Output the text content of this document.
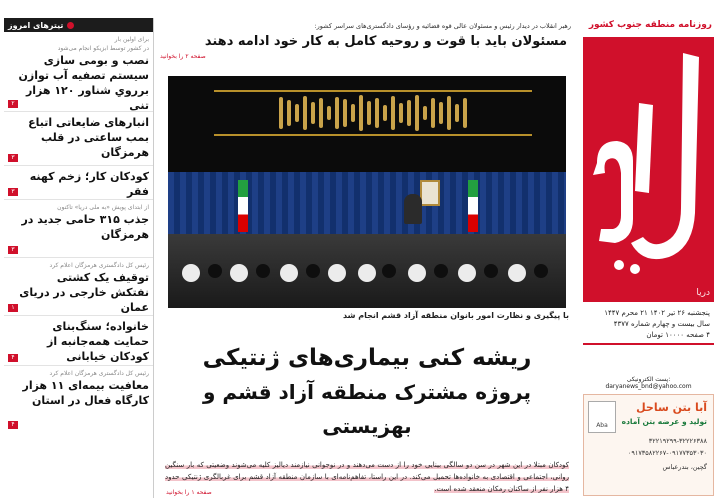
تیترهای امروز
برای اولین بار
در کشور توسط ابزیکو انجام می‌شود
نصب و بومی سازی سیستم تصفیه آب توازن بررویِ شناور ۱۲۰ هزار تنی
۲
انبارهای ضایعاتی اتباع بمب ساعتی در قلب هرمزگان
۳
کودکان کار؛ زخم کهنه فقر
۳
از ابتدای پویش «به ملی دریا» تاکنون
جذب ۳۱۵ حامی جدید در هرمزگان
۳
رئیس کل دادگستری هرمزگان اعلام کرد
توقیف یک کشتی نفتکش خارجی در دریای عمان
۱
خانواده؛ سنگ‌بنای حمایت همه‌جانبه از کودکان خیابانی
۴
رئیس کل دادگستری هرمزگان اعلام کرد
معافیت بیمه‌ای ۱۱ هزار کارگاه فعال در استان
۴
رهبر انقلاب در دیدار رئیس و مسئولان عالی قوه قضائیه و رؤسای دادگستری‌های سراسر کشور:
مسئولان باید با قوت و روحیه کامل به کار خود ادامه دهند
صفحه ۲ را بخوانید
با پیگیری و نظارت امور بانوان منطقه آزاد قشم انجام شد
ریشه کنی بیماری‌های ژنتیکی
پروژه مشترک منطقه آزاد قشم و بهزیستی
کودکان مبتلا در این شهر در سن دو سالگی بینایی خود را از دست می‌دهند و در نوجوانی نیازمند دیالیز کلیه می‌شوند وضعیتی که بار سنگین روانی، اجتماعی و اقتصادی به خانواده‌ها تحمیل می‌کند. در این راستا، تفاهم‌نامه‌ای با سازمان منطقه آزاد قشم برای غربالگری ژنتیکی حدود ۴ هزار نفر از ساکنان رمکان منعقد شده است.
صفحه ۱ را بخوانید
روزنامه منطقه جنوب کشور
دریا
پنجشنبه ۲۶ تیر ۱۴۰۲ ۲۱ محرم ۱۴۴۷
سال بیست و چهارم شماره ۴۳۷۷
۴ صفحه ۱۰۰۰۰ تومان
پست الکترونیکی: daryanews_bnd@yahoo.com
Aba
آبا بتن ساحل
تولید و عرضه بتن آماده
۳۲۲۱۹۲۹۹-۳۲۲۲۶۳۸۸
۰۹۱۷۳۵۸۲۲۶۷-۰۹۱۷۷۳۵۳۰۳۰
گچین، بندرعباس
